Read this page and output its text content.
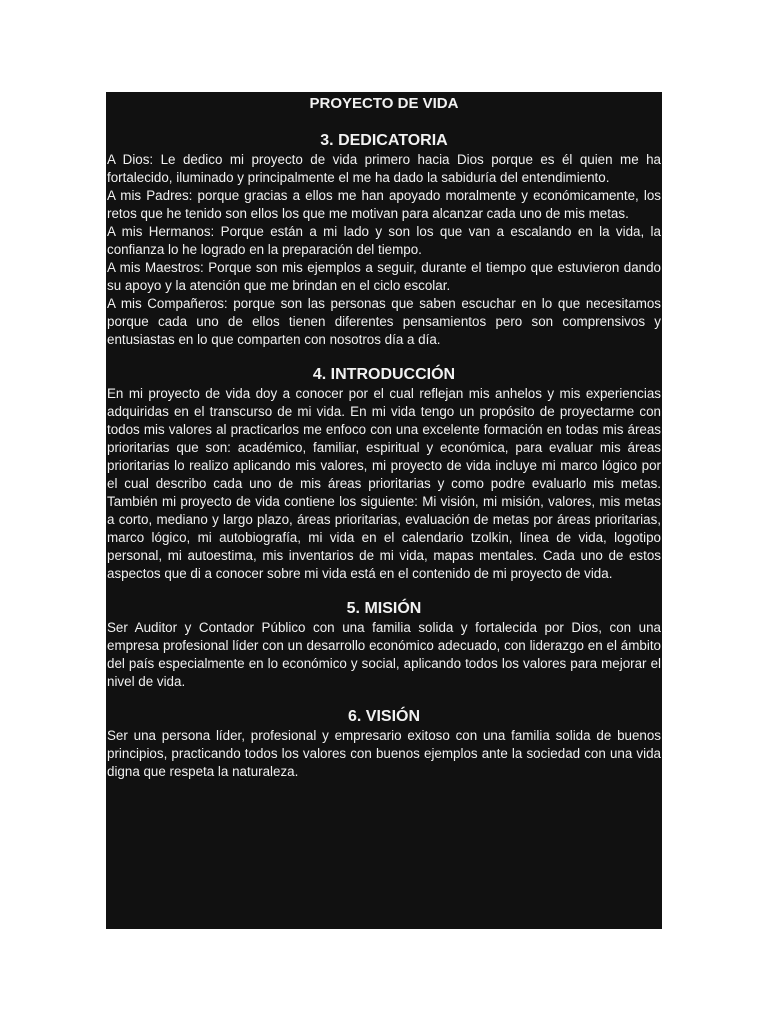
PROYECTO DE VIDA
3. DEDICATORIA

A Dios: Le dedico mi proyecto de vida primero hacia Dios porque es él quien me ha fortalecido, iluminado y principalmente el me ha dado la sabiduría del entendimiento.

A mis Padres: porque gracias a ellos me han apoyado moralmente y económicamente, los retos que he tenido son ellos los que me motivan para alcanzar cada uno de mis metas.

A mis Hermanos: Porque están a mi lado y son los que van a escalando en la vida, la confianza lo he logrado en la preparación del tiempo.

A mis Maestros: Porque son mis ejemplos a seguir, durante el tiempo que estuvieron dando su apoyo y la atención que me brindan en el ciclo escolar.

A mis Compañeros: porque son las personas que saben escuchar en lo que necesitamos porque cada uno de ellos tienen diferentes pensamientos pero son comprensivos y entusiastas en lo que comparten con nosotros día a día.

4. INTRODUCCIÓN

En mi proyecto de vida doy a conocer por el cual reflejan mis anhelos y mis experiencias adquiridas en el transcurso de mi vida. En mi vida tengo un propósito de proyectarme con todos mis valores al practicarlos me enfoco con una excelente formación en todas mis áreas prioritarias que son: académico, familiar, espiritual y económica, para evaluar mis áreas prioritarias lo realizo aplicando mis valores, mi proyecto de vida incluye mi marco lógico por el cual describo cada uno de mis áreas prioritarias y como podre evaluarlo mis metas. También mi proyecto de vida contiene los siguiente: Mi visión, mi misión, valores, mis metas a corto, mediano y largo plazo, áreas prioritarias, evaluación de metas por áreas prioritarias, marco lógico, mi autobiografía, mi vida en el calendario tzolkin, línea de vida, logotipo personal, mi autoestima, mis inventarios de mi vida, mapas mentales. Cada uno de estos aspectos que di a conocer sobre mi vida está en el contenido de mi proyecto de vida.

5. MISIÓN

Ser Auditor y Contador Público con una familia solida y fortalecida por Dios, con una empresa profesional líder con un desarrollo económico adecuado, con liderazgo en el ámbito del país especialmente en lo económico y social, aplicando todos los valores para mejorar el nivel de vida.

6. VISIÓN

Ser una persona líder, profesional y empresario exitoso con una familia solida de buenos principios, practicando todos los valores con buenos ejemplos ante la sociedad con una vida digna que respeta la naturaleza.
